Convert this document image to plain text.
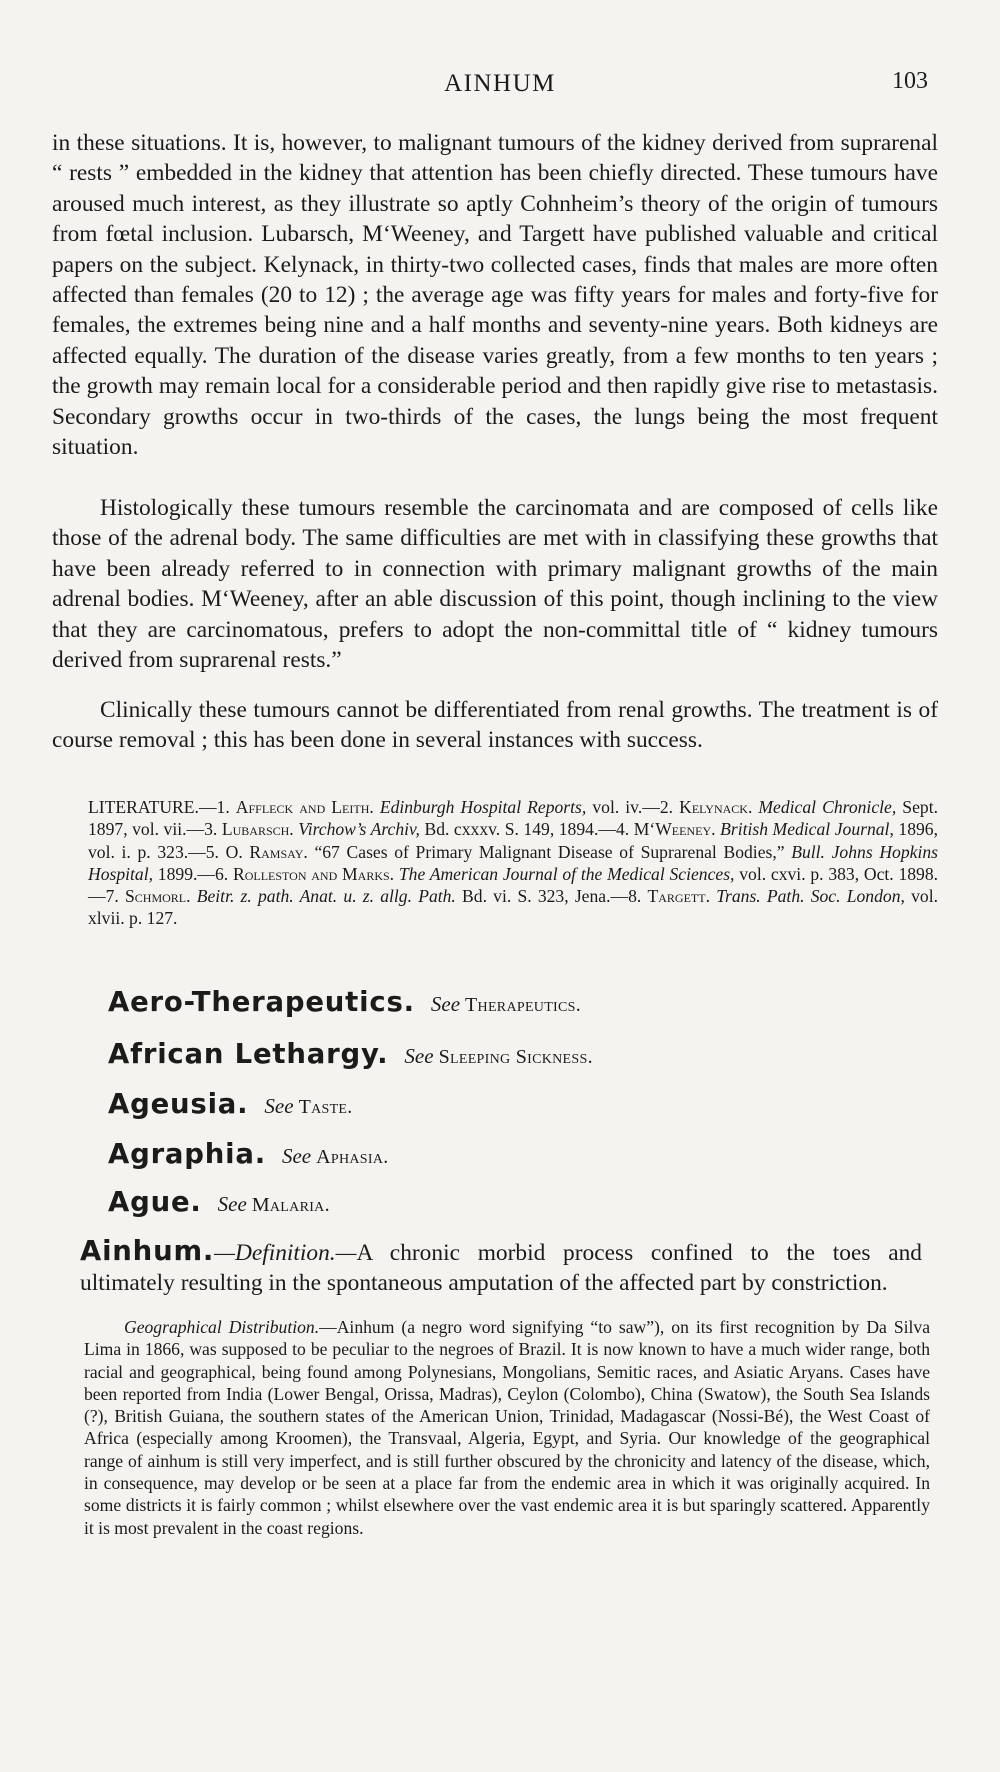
AINHUM	103

in these situations. It is, however, to malignant tumours of the kidney derived from suprarenal “ rests ” embedded in the kidney that attention has been chiefly directed. These tumours have aroused much interest, as they illustrate so aptly Cohnheim’s theory of the origin of tumours from fœtal inclusion. Lubarsch, M‘Weeney, and Targett have published valuable and critical papers on the subject. Kelynack, in thirty-two collected cases, finds that males are more often affected than females (20 to 12) ; the average age was fifty years for males and forty-five for females, the extremes being nine and a half months and seventy-nine years. Both kidneys are affected equally. The duration of the disease varies greatly, from a few months to ten years ; the growth may remain local for a considerable period and then rapidly give rise to metastasis. Secondary growths occur in two-thirds of the cases, the lungs being the most frequent situation.

Histologically these tumours resemble the carcinomata and are composed of cells like those of the adrenal body. The same difficulties are met with in classifying these growths that have been already referred to in connection with primary malignant growths of the main adrenal bodies. M‘Weeney, after an able discussion of this point, though inclining to the view that they are carcinomatous, prefers to adopt the non-committal title of “ kidney tumours derived from suprarenal rests.”

Clinically these tumours cannot be differentiated from renal growths. The treatment is of course removal ; this has been done in several instances with success.

LITERATURE.—1. Affleck and Leith. Edinburgh Hospital Reports, vol. iv.—2. Kelynack. Medical Chronicle, Sept. 1897, vol. vii.—3. Lubarsch. Virchow’s Archiv, Bd. cxxxv. S. 149, 1894.—4. M‘Weeney. British Medical Journal, 1896, vol. i. p. 323.—5. O. Ramsay. “67 Cases of Primary Malignant Disease of Suprarenal Bodies,” Bull. Johns Hopkins Hospital, 1899.—6. Rolleston and Marks. The American Journal of the Medical Sciences, vol. cxvi. p. 383, Oct. 1898.—7. Schmorl. Beitr. z. path. Anat. u. z. allg. Path. Bd. vi. S. 323, Jena.—8. Targett. Trans. Path. Soc. London, vol. xlvii. p. 127.

Aero-Therapeutics. See Therapeutics.
African Lethargy. See Sleeping Sickness.
Ageusia. See Taste.
Agraphia. See Aphasia.
Ague. See Malaria.

Ainhum.—Definition.—A chronic morbid process confined to the toes and ultimately resulting in the spontaneous amputation of the affected part by constriction.

Geographical Distribution.—Ainhum (a negro word signifying “to saw”), on its first recognition by Da Silva Lima in 1866, was supposed to be peculiar to the negroes of Brazil. It is now known to have a much wider range, both racial and geographical, being found among Polynesians, Mongolians, Semitic races, and Asiatic Aryans. Cases have been reported from India (Lower Bengal, Orissa, Madras), Ceylon (Colombo), China (Swatow), the South Sea Islands (?), British Guiana, the southern states of the American Union, Trinidad, Madagascar (Nossi-Bé), the West Coast of Africa (especially among Kroomen), the Transvaal, Algeria, Egypt, and Syria. Our knowledge of the geographical range of ainhum is still very imperfect, and is still further obscured by the chronicity and latency of the disease, which, in consequence, may develop or be seen at a place far from the endemic area in which it was originally acquired. In some districts it is fairly common ; whilst elsewhere over the vast endemic area it is but sparingly scattered. Apparently it is most prevalent in the coast regions.
